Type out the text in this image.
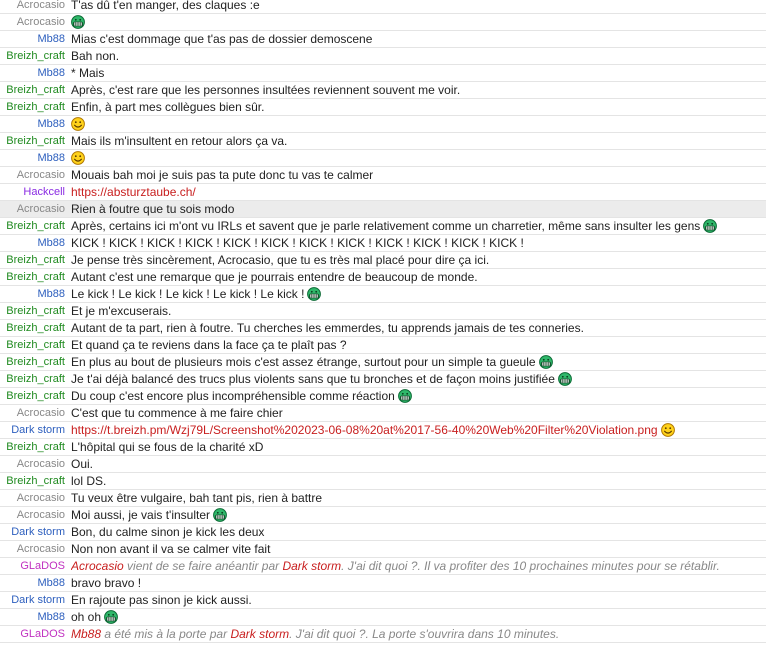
Acrocasio T'as dû t'en manger, des claques :e
Acrocasio
Mb88 Mias c'est dommage que t'as pas de dossier demoscene
Breizh_craft Bah non.
Mb88 * Mais
Breizh_craft Après, c'est rare que les personnes insultées reviennent souvent me voir.
Breizh_craft Enfin, à part mes collègues bien sûr.
Mb88
Breizh_craft Mais ils m'insultent en retour alors ça va.
Mb88
Acrocasio Mouais bah moi je suis pas ta pute donc tu vas te calmer
Hackcell https://absturztaube.ch/
Acrocasio Rien à foutre que tu sois modo
Breizh_craft Après, certains ici m'ont vu IRLs et savent que je parle relativement comme un charretier, même sans insulter les gens
Mb88 KICK ! KICK ! KICK ! KICK ! KICK ! KICK ! KICK ! KICK ! KICK ! KICK ! KICK ! KICK !
Breizh_craft Je pense très sincèrement, Acrocasio, que tu es très mal placé pour dire ça ici.
Breizh_craft Autant c'est une remarque que je pourrais entendre de beaucoup de monde.
Mb88 Le kick ! Le kick ! Le kick ! Le kick ! Le kick !
Breizh_craft Et je m'excuserais.
Breizh_craft Autant de ta part, rien à foutre. Tu cherches les emmerdes, tu apprends jamais de tes conneries.
Breizh_craft Et quand ça te reviens dans la face ça te plaît pas ?
Breizh_craft En plus au bout de plusieurs mois c'est assez étrange, surtout pour un simple ta gueule
Breizh_craft Je t'ai déjà balancé des trucs plus violents sans que tu bronches et de façon moins justifiée
Breizh_craft Du coup c'est encore plus incompréhensible comme réaction
Acrocasio C'est que tu commence à me faire chier
Dark storm https://t.breizh.pm/Wzj79L/Screenshot%202023-06-08%20at%2017-56-40%20Web%20Filter%20Violation.png
Breizh_craft L'hôpital qui se fous de la charité xD
Acrocasio Oui.
Breizh_craft lol DS.
Acrocasio Tu veux être vulgaire, bah tant pis, rien à battre
Acrocasio Moi aussi, je vais t'insulter
Dark storm Bon, du calme sinon je kick les deux
Acrocasio Non non avant il va se calmer vite fait
GLaDOS Acrocasio vient de se faire anéantir par Dark storm. J'ai dit quoi ?. Il va profiter des 10 prochaines minutes pour se rétablir.
Mb88 bravo bravo !
Dark storm En rajoute pas sinon je kick aussi.
Mb88 oh oh
GLaDOS Mb88 a été mis à la porte par Dark storm. J'ai dit quoi ?. La porte s'ouvrira dans 10 minutes.
